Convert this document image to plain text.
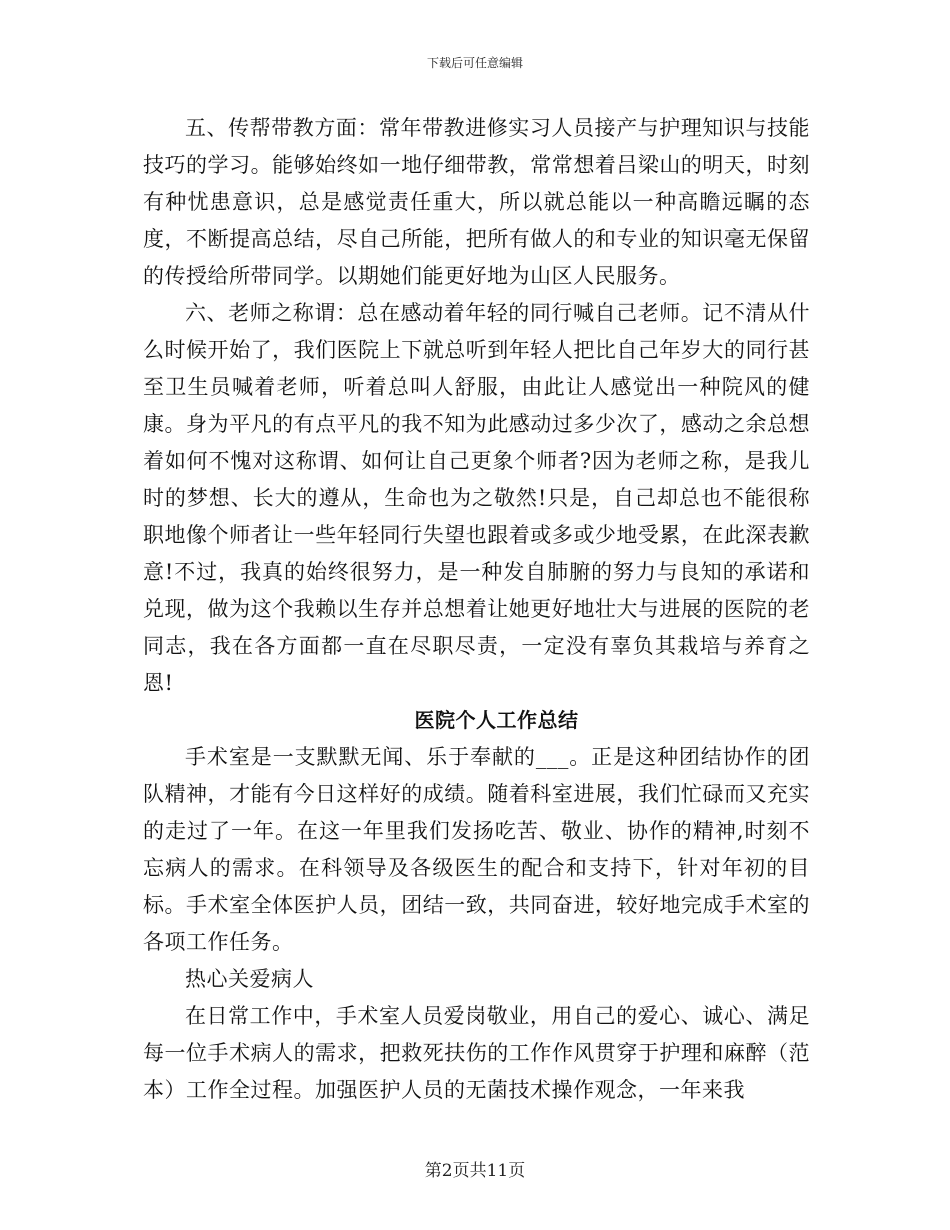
下载后可任意编辑

五、传帮带教方面：常年带教进修实习人员接产与护理知识与技能技巧的学习。能够始终如一地仔细带教，常常想着吕梁山的明天，时刻有种忧患意识，总是感觉责任重大，所以就总能以一种高瞻远瞩的态度，不断提高总结，尽自己所能，把所有做人的和专业的知识毫无保留的传授给所带同学。以期她们能更好地为山区人民服务。

六、老师之称谓：总在感动着年轻的同行喊自己老师。记不清从什么时候开始了，我们医院上下就总听到年轻人把比自己年岁大的同行甚至卫生员喊着老师，听着总叫人舒服，由此让人感觉出一种院风的健康。身为平凡的有点平凡的我不知为此感动过多少次了，感动之余总想着如何不愧对这称谓、如何让自己更象个师者?因为老师之称，是我儿时的梦想、长大的遵从，生命也为之敬然!只是，自己却总也不能很称职地像个师者让一些年轻同行失望也跟着或多或少地受累，在此深表歉意!不过，我真的始终很努力，是一种发自肺腑的努力与良知的承诺和兑现，做为这个我赖以生存并总想着让她更好地壮大与进展的医院的老同志，我在各方面都一直在尽职尽责，一定没有辜负其栽培与养育之恩!

医院个人工作总结

手术室是一支默默无闻、乐于奉献的___。正是这种团结协作的团队精神，才能有今日这样好的成绩。随着科室进展，我们忙碌而又充实的走过了一年。在这一年里我们发扬吃苦、敬业、协作的精神,时刻不忘病人的需求。在科领导及各级医生的配合和支持下，针对年初的目标。手术室全体医护人员，团结一致，共同奋进，较好地完成手术室的各项工作任务。

热心关爱病人

在日常工作中，手术室人员爱岗敬业，用自己的爱心、诚心、满足每一位手术病人的需求，把救死扶伤的工作作风贯穿于护理和麻醉（范本）工作全过程。加强医护人员的无菌技术操作观念，一年来我

第2页共11页
